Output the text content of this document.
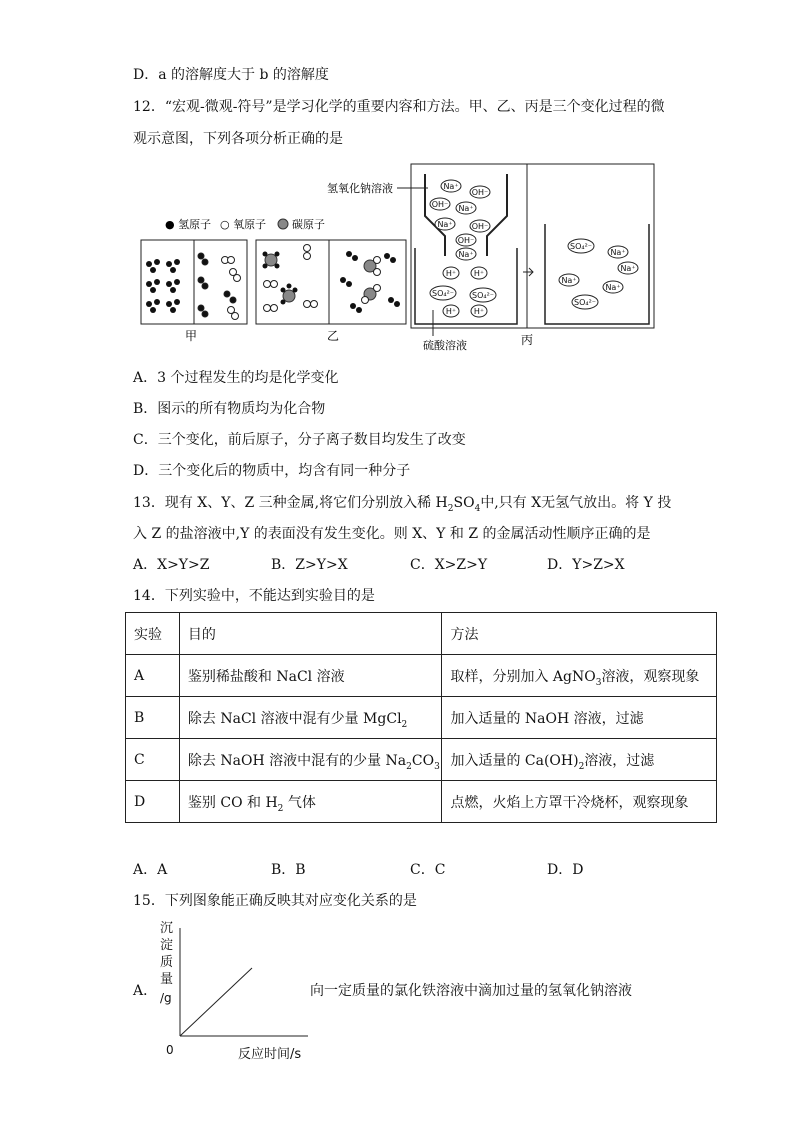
D．a 的溶解度大于 b 的溶解度
12．“宏观-微观-符号”是学习化学的重要内容和方法。甲、乙、丙是三个变化过程的微
观示意图，下列各项分析正确的是
● 氢原子 ○ 氧原子 碳原子
甲	乙
氢氧化钠溶液	Na⁺
OH⁻
OH⁻ Na⁺
Na⁺ OH⁻
OH⁻
Na⁺
H⁺ H⁺
SO₄²⁻ SO₄²⁻
H⁺ H⁺
硫酸溶液
SO₄²⁻
Na⁺
Na⁺
Na⁺
Na⁺
SO₄²⁻
丙
A．3 个过程发生的均是化学变化
B．图示的所有物质均为化合物
C．三个变化，前后原子，分子离子数目均发生了改变
D．三个变化后的物质中，均含有同一种分子
13．现有 X、Y、Z 三种金属,将它们分别放入稀 $H_2SO_4$中,只有 X无氢气放出。将 Y 投
入 Z 的盐溶液中,Y 的表面没有发生变化。则 X、Y 和 Z 的金属活动性顺序正确的是
A．X>Y>Z	B．Z>Y>X	C．X>Z>Y	D．Y>Z>X
14．下列实验中，不能达到实验目的是
实验	目的	方法
A	鉴别稀盐酸和 NaCl 溶液	取样，分别加入 AgNO$_3$溶液，观察现象
B	除去 NaCl 溶液中混有少量 MgCl$_2$	加入适量的 NaOH 溶液，过滤
C	除去 NaOH 溶液中混有的少量 $Na_2CO_3$	加入适量的 $Ca(OH)_2$溶液，过滤
D	鉴别 CO 和 $H_2$ 气体	点燃，火焰上方罩干冷烧杯，观察现象
A．A	B．B	C．C	D．D
15．下列图象能正确反映其对应变化关系的是
A．
沉
淀
质
量
/g
0	反应时间/s
向一定质量的氯化铁溶液中滴加过量的氢氧化钠溶液
